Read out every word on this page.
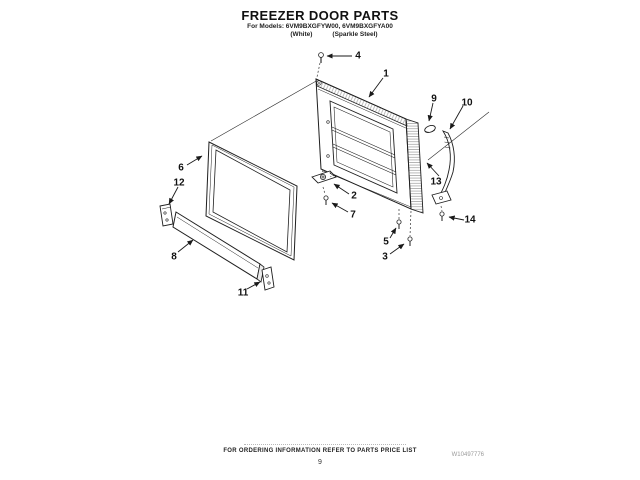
FREEZER DOOR PARTS
For Models: 6VM9BXGFYW00, 6VM9BXGFYA00
(White)	(Sparkle Steel)
1
2
3
4
5
6
7
8
9 10
11
12	13
14
FOR ORDERING INFORMATION REFER TO PARTS PRICE LIST
9
W10497776
